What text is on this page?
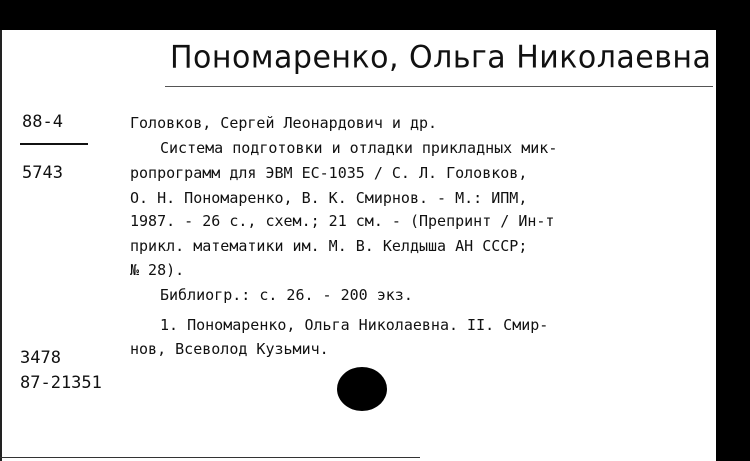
Пономаренко, Ольга Николаевна
88-4
5743
3478
87-21351
Головков, Сергей Леонардович и др.
Система подготовки и отладки прикладных мик-
ропрограмм для ЭВМ ЕС-1035 / С. Л. Головков,
О. Н. Пономаренко, В. К. Смирнов. - М.: ИПМ,
1987. - 26 с., схем.; 21 см. - (Препринт / Ин-т
прикл. математики им. М. В. Келдыша АН СССР;
№ 28).
Библиогр.: с. 26. - 200 экз.
1. Пономаренко, Ольга Николаевна. II. Смир-
нов, Всеволод Кузьмич.
